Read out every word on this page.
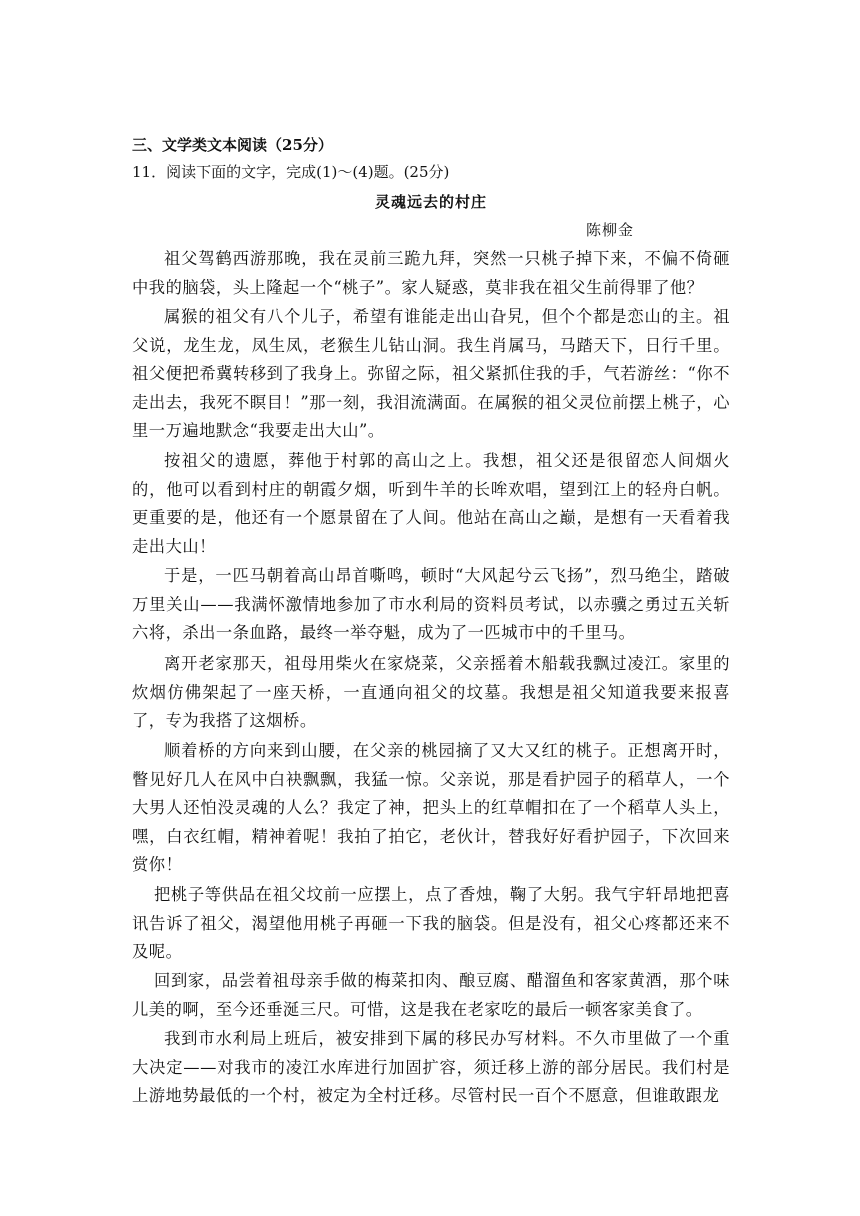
三、文学类文本阅读（25分）
11．阅读下面的文字，完成(1)～(4)题。(25分)
灵魂远去的村庄
陈柳金

祖父驾鹤西游那晚，我在灵前三跪九拜，突然一只桃子掉下来，不偏不倚砸中我的脑袋，头上隆起一个“桃子”。家人疑惑，莫非我在祖父生前得罪了他？

属猴的祖父有八个儿子，希望有谁能走出山旮旯，但个个都是恋山的主。祖父说，龙生龙，凤生凤，老猴生儿钻山洞。我生肖属马，马踏天下，日行千里。祖父便把希冀转移到了我身上。弥留之际，祖父紧抓住我的手，气若游丝：“你不走出去，我死不瞑目！”那一刻，我泪流满面。在属猴的祖父灵位前摆上桃子，心里一万遍地默念“我要走出大山”。

按祖父的遗愿，葬他于村郭的高山之上。我想，祖父还是很留恋人间烟火的，他可以看到村庄的朝霞夕烟，听到牛羊的长哞欢唱，望到江上的轻舟白帆。更重要的是，他还有一个愿景留在了人间。他站在高山之巅，是想有一天看着我走出大山！

于是，一匹马朝着高山昂首嘶鸣，顿时“大风起兮云飞扬”，烈马绝尘，踏破万里关山——我满怀激情地参加了市水利局的资料员考试，以赤骥之勇过五关斩六将，杀出一条血路，最终一举夺魁，成为了一匹城市中的千里马。

离开老家那天，祖母用柴火在家烧菜，父亲摇着木船载我飘过凌江。家里的炊烟仿佛架起了一座天桥，一直通向祖父的坟墓。我想是祖父知道我要来报喜了，专为我搭了这烟桥。

顺着桥的方向来到山腰，在父亲的桃园摘了又大又红的桃子。正想离开时，瞥见好几人在风中白袂飘飘，我猛一惊。父亲说，那是看护园子的稻草人，一个大男人还怕没灵魂的人么？我定了神，把头上的红草帽扣在了一个稻草人头上，嘿，白衣红帽，精神着呢！我拍了拍它，老伙计，替我好好看护园子，下次回来赏你！

把桃子等供品在祖父坟前一应摆上，点了香烛，鞠了大躬。我气宇轩昂地把喜讯告诉了祖父，渴望他用桃子再砸一下我的脑袋。但是没有，祖父心疼都还来不及呢。

回到家，品尝着祖母亲手做的梅菜扣肉、酿豆腐、醋溜鱼和客家黄酒，那个味儿美的啊，至今还垂涎三尺。可惜，这是我在老家吃的最后一顿客家美食了。

我到市水利局上班后，被安排到下属的移民办写材料。不久市里做了一个重大决定——对我市的凌江水库进行加固扩容，须迁移上游的部分居民。我们村是上游地势最低的一个村，被定为全村迁移。尽管村民一百个不愿意，但谁敢跟龙
